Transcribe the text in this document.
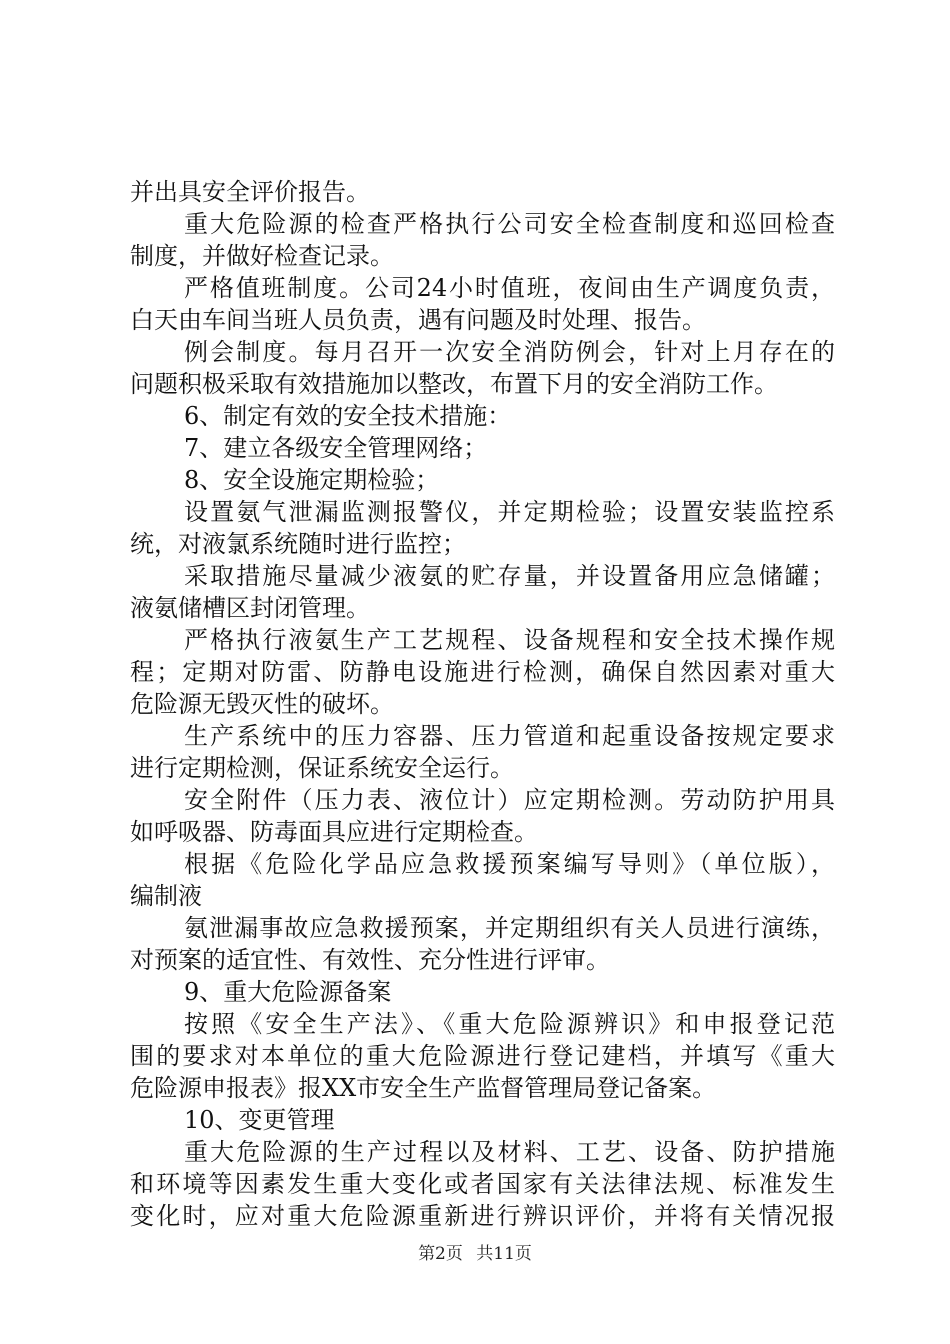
并出具安全评价报告。
重大危险源的检查严格执行公司安全检查制度和巡回检查
制度，并做好检查记录。
严格值班制度。公司24小时值班，夜间由生产调度负责，
白天由车间当班人员负责，遇有问题及时处理、报告。
例会制度。每月召开一次安全消防例会，针对上月存在的
问题积极采取有效措施加以整改，布置下月的安全消防工作。
6、制定有效的安全技术措施：
7、建立各级安全管理网络；
8、安全设施定期检验；
设置氨气泄漏监测报警仪，并定期检验；设置安装监控系
统，对液氯系统随时进行监控；
采取措施尽量减少液氨的贮存量，并设置备用应急储罐；
液氨储槽区封闭管理。
严格执行液氨生产工艺规程、设备规程和安全技术操作规
程；定期对防雷、防静电设施进行检测，确保自然因素对重大
危险源无毁灭性的破坏。
生产系统中的压力容器、压力管道和起重设备按规定要求
进行定期检测，保证系统安全运行。
安全附件（压力表、液位计）应定期检测。劳动防护用具
如呼吸器、防毒面具应进行定期检查。
根据《危险化学品应急救援预案编写导则》（单位版），
编制液
氨泄漏事故应急救援预案，并定期组织有关人员进行演练，
对预案的适宜性、有效性、充分性进行评审。
9、重大危险源备案
按照《安全生产法》、《重大危险源辨识》和申报登记范
围的要求对本单位的重大危险源进行登记建档，并填写《重大
危险源申报表》报XX市安全生产监督管理局登记备案。
10、变更管理
重大危险源的生产过程以及材料、工艺、设备、防护措施
和环境等因素发生重大变化或者国家有关法律法规、标准发生
变化时，应对重大危险源重新进行辨识评价，并将有关情况报
第2页 共11页
